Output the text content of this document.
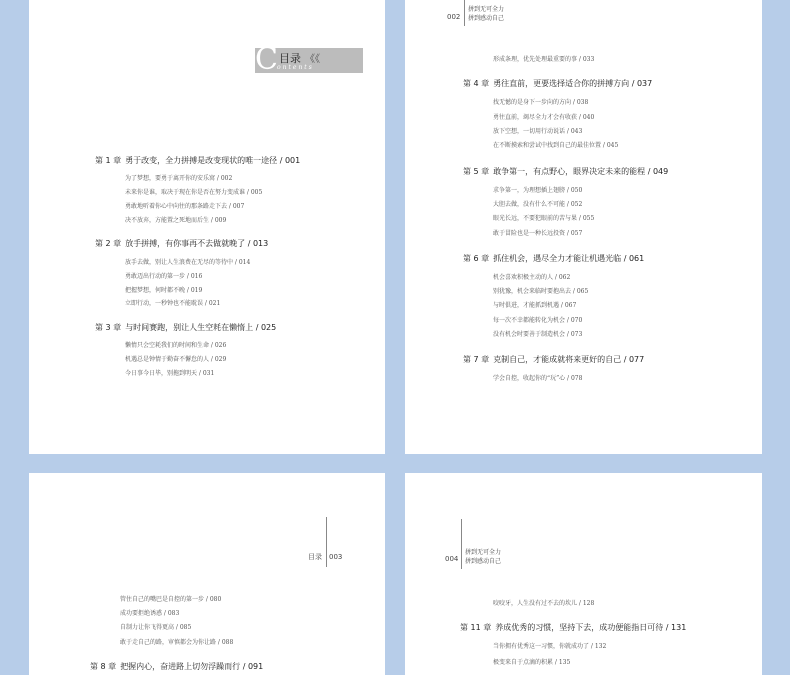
C 目录 《《
ontents
第 1 章 勇于改变，全力拼搏是改变现状的唯一途径 / 001
为了梦想，要勇于离开你的安乐窝 / 002
未来你是谁，取决于现在你是否在努力变成谁 / 005
勇敢地听着你心中向往的那条路走下去 / 007
决不放弃，方能置之死地而后生 / 009
第 2 章 放手拼搏，有你事再不去做就晚了 / 013
放手去做，别让人生浪费在无尽的等待中 / 014
勇敢迈出行动的第一步 / 016
把握梦想，何时都不晚 / 019
立即行动，一秒钟也不能耽误 / 021
第 3 章 与时间赛跑，别让人生空耗在懒惰上 / 025
懒惰只会空耗我们的时间和生命 / 026
机遇总是钟情于勤奋不懈怠的人 / 029
今日事今日毕，别拖到明天 / 031
002
拼到无可全力
拼到感动自己
形成条理，优先处理最重要的事 / 033
第 4 章 勇往直前，更要选择适合你的拼搏方向 / 037
找无憾的是身下一步向的方向 / 038
勇往直前，竭尽全力才会有收获 / 040
放下空想，一切用行动说话 / 043
在不断摸索和尝试中找到自己的最佳位置 / 045
第 5 章 敢争第一，有点野心，眼界决定未来的能程 / 049
求争第一，为理想插上翅膀 / 050
大胆去做，没有什么不可能 / 052
眼光长远，不要犯眼前的苦与果 / 055
敢于冒险也是一种长远投资 / 057
第 6 章 抓住机会，遇尽全力才能让机遇光临 / 061
机会喜欢积极主动的人 / 062
别犹豫，机会来临时要抱出去 / 065
与时俱进，才能抓到机遇 / 067
每一次不幸都能转化为机会 / 070
没有机会时要善于制造机会 / 073
第 7 章 克制自己，才能成就将来更好的自己 / 077
学会自控，收起你的“玩”心 / 078
目录 003
管住自己的嘴巴是自控的第一步 / 080
成功要拒绝诱惑 / 083
自制力让你飞得更高 / 085
敢于走自己的路，审慎都会为你让路 / 088
第 8 章 把握内心，奋进路上切勿浮躁而行 / 091
004
拼到无可全力
拼到感动自己
咬咬牙，人生没有过不去的坎儿 / 128
第 11 章 养成优秀的习惯，坚持下去，成功便能指日可待 / 131
当你拥有优秀这一习惯，你就成功了 / 132
极变来自于点滴的积累 / 135
